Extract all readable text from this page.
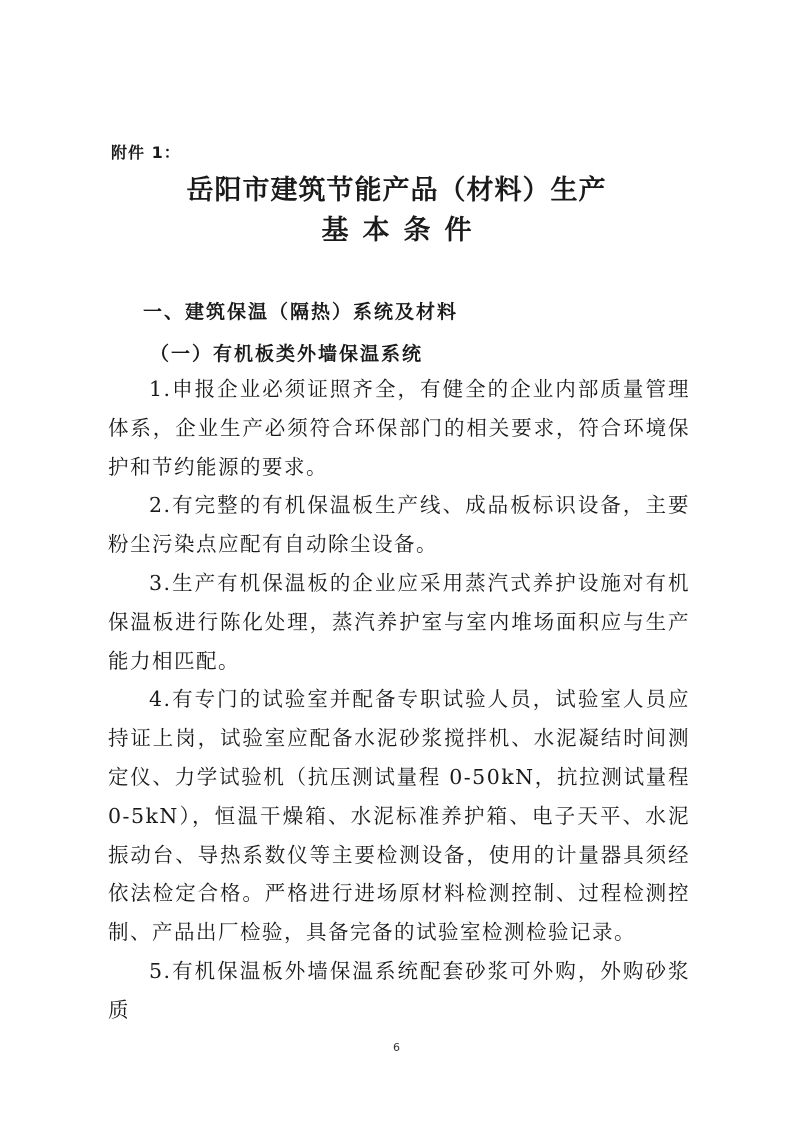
附件 1：
岳阳市建筑节能产品（材料）生产
基本条件
一、建筑保温（隔热）系统及材料
（一）有机板类外墙保温系统

1.申报企业必须证照齐全，有健全的企业内部质量管理体系，企业生产必须符合环保部门的相关要求，符合环境保护和节约能源的要求。

2.有完整的有机保温板生产线、成品板标识设备，主要粉尘污染点应配有自动除尘设备。

3.生产有机保温板的企业应采用蒸汽式养护设施对有机保温板进行陈化处理，蒸汽养护室与室内堆场面积应与生产能力相匹配。

4.有专门的试验室并配备专职试验人员，试验室人员应持证上岗，试验室应配备水泥砂浆搅拌机、水泥凝结时间测定仪、力学试验机（抗压测试量程 0-50kN，抗拉测试量程 0-5kN），恒温干燥箱、水泥标准养护箱、电子天平、水泥振动台、导热系数仪等主要检测设备，使用的计量器具须经依法检定合格。严格进行进场原材料检测控制、过程检测控制、产品出厂检验，具备完备的试验室检测检验记录。

5.有机保温板外墙保温系统配套砂浆可外购，外购砂浆质

6
